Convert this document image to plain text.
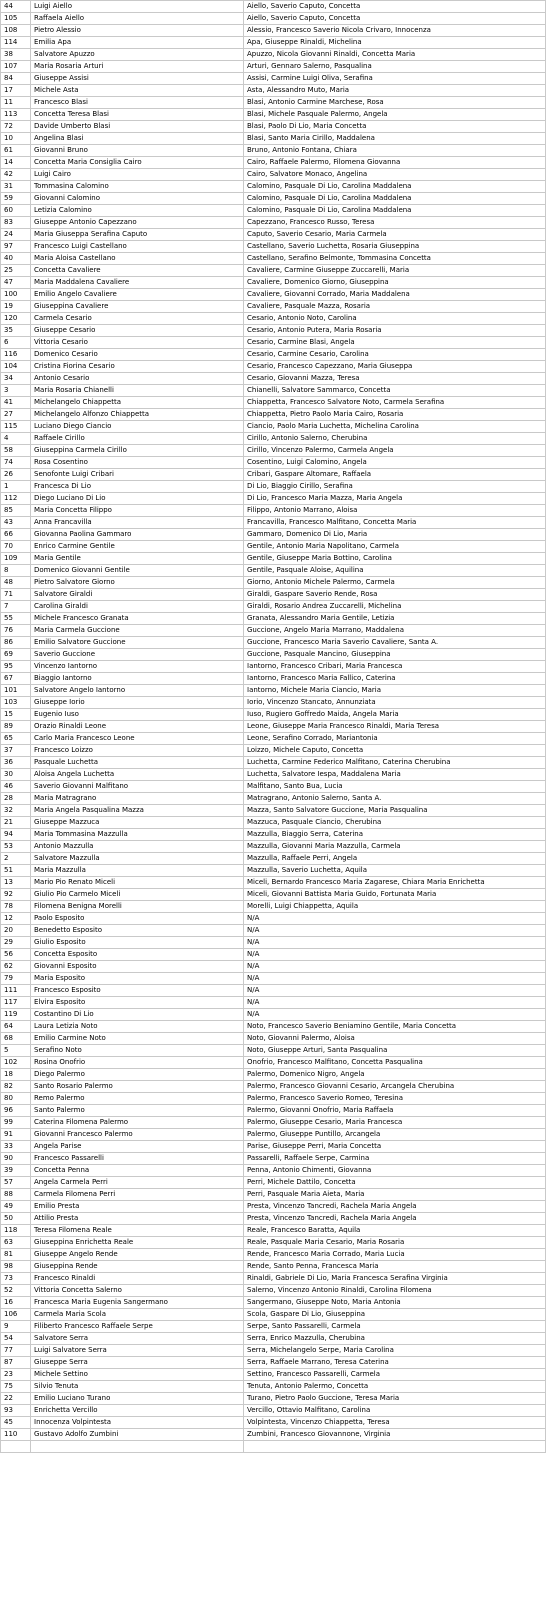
44	Luigi Aiello	Aiello, Saverio Caputo, Concetta
105	Raffaela Aiello	Aiello, Saverio Caputo, Concetta
108	Pietro Alessio	Alessio, Francesco Saverio Nicola Crivaro, Innocenza
114	Emilia Apa	Apa, Giuseppe Rinaldi, Michelina
38	Salvatore Apuzzo	Apuzzo, Nicola Giovanni Rinaldi, Concetta Maria
107	Maria Rosaria Arturi	Arturi, Gennaro Salerno, Pasqualina
84	Giuseppe Assisi	Assisi, Carmine Luigi Oliva, Serafina
17	Michele Asta	Asta, Alessandro Muto, Maria
11	Francesco Blasi	Blasi, Antonio Carmine Marchese, Rosa
113	Concetta Teresa Blasi	Blasi, Michele Pasquale Palermo, Angela
72	Davide Umberto Blasi	Blasi, Paolo Di Lio, Maria Concetta
10	Angelina Blasi	Blasi, Santo Maria Cirillo, Maddalena
61	Giovanni Bruno	Bruno, Antonio Fontana, Chiara
14	Concetta Maria Consiglia Cairo	Cairo, Raffaele Palermo, Filomena Giovanna
42	Luigi Cairo	Cairo, Salvatore Monaco, Angelina
31	Tommasina Calomino	Calomino, Pasquale Di Lio, Carolina Maddalena
59	Giovanni Calomino	Calomino, Pasquale Di Lio, Carolina Maddalena
60	Letizia Calomino	Calomino, Pasquale Di Lio, Carolina Maddalena
83	Giuseppe Antonio Capezzano	Capezzano, Francesco Russo, Teresa
24	Maria Giuseppa Serafina Caputo	Caputo, Saverio Cesario, Maria Carmela
97	Francesco Luigi Castellano	Castellano, Saverio Luchetta, Rosaria Giuseppina
40	Maria Aloisa Castellano	Castellano, Serafino Belmonte, Tommasina Concetta
25	Concetta Cavaliere	Cavaliere, Carmine Giuseppe Zuccarelli, Maria
47	Maria Maddalena Cavaliere	Cavaliere, Domenico Giorno, Giuseppina
100	Emilio Angelo Cavaliere	Cavaliere, Giovanni Corrado, Maria Maddalena
19	Giuseppina Cavaliere	Cavaliere, Pasquale Mazza, Rosaria
120	Carmela Cesario	Cesario, Antonio Noto, Carolina
35	Giuseppe Cesario	Cesario, Antonio Putera, Maria Rosaria
6	Vittoria Cesario	Cesario, Carmine Blasi, Angela
116	Domenico Cesario	Cesario, Carmine Cesario, Carolina
104	Cristina Fiorina Cesario	Cesario, Francesco Capezzano, Maria Giuseppa
34	Antonio Cesario	Cesario, Giovanni Mazza, Teresa
3	Maria Rosaria Chianelli	Chianelli, Salvatore Sammarco, Concetta
41	Michelangelo Chiappetta	Chiappetta, Francesco Salvatore Noto, Carmela Serafina
27	Michelangelo Alfonzo Chiappetta	Chiappetta, Pietro Paolo Maria Cairo, Rosaria
115	Luciano Diego Ciancio	Ciancio, Paolo Maria Luchetta, Michelina Carolina
4	Raffaele Cirillo	Cirillo, Antonio Salerno, Cherubina
58	Giuseppina Carmela Cirillo	Cirillo, Vincenzo Palermo, Carmela Angela
74	Rosa Cosentino	Cosentino, Luigi Calomino, Angela
26	Senofonte Luigi Cribari	Cribari, Gaspare Altomare, Raffaela
1	Francesca Di Lio	Di Lio, Biaggio Cirillo, Serafina
112	Diego Luciano Di Lio	Di Lio, Francesco Maria Mazza, Maria Angela
85	Maria Concetta Filippo	Filippo, Antonio Marrano, Aloisa
43	Anna Francavilla	Francavilla, Francesco Malfitano, Concetta Maria
66	Giovanna Paolina Gammaro	Gammaro, Domenico Di Lio, Maria
70	Enrico Carmine Gentile	Gentile, Antonio Maria Napolitano, Carmela
109	Maria Gentile	Gentile, Giuseppe Maria Bottino, Carolina
8	Domenico Giovanni Gentile	Gentile, Pasquale Aloise, Aquilina
48	Pietro Salvatore Giorno	Giorno, Antonio Michele Palermo, Carmela
71	Salvatore Giraldi	Giraldi, Gaspare Saverio Rende, Rosa
7	Carolina Giraldi	Giraldi, Rosario Andrea Zuccarelli, Michelina
55	Michele Francesco Granata	Granata, Alessandro Maria Gentile, Letizia
76	Maria Carmela Guccione	Guccione, Angelo Maria Marrano, Maddalena
86	Emilio Salvatore Guccione	Guccione, Francesco Maria Saverio Cavaliere, Santa A.
69	Saverio Guccione	Guccione, Pasquale Mancino, Giuseppina
95	Vincenzo Iantorno	Iantorno, Francesco Cribari, Maria Francesca
67	Biaggio Iantorno	Iantorno, Francesco Maria Fallico, Caterina
101	Salvatore Angelo Iantorno	Iantorno, Michele Maria Ciancio, Maria
103	Giuseppe Iorio	Iorio, Vincenzo Stancato, Annunziata
15	Eugenio Iuso	Iuso, Rugiero Goffredo Maida, Angela Maria
89	Orazio Rinaldi Leone	Leone, Giuseppe Maria Francesco Rinaldi, Maria Teresa
65	Carlo Maria Francesco Leone	Leone, Serafino Corrado, Mariantonia
37	Francesco Loizzo	Loizzo, Michele Caputo, Concetta
36	Pasquale Luchetta	Luchetta, Carmine Federico Malfitano, Caterina Cherubina
30	Aloisa Angela Luchetta	Luchetta, Salvatore Iespa, Maddalena Maria
46	Saverio Giovanni Malfitano	Malfitano, Santo Bua, Lucia
28	Maria Matragrano	Matragrano, Antonio Salerno, Santa A.
32	Maria Angela Pasqualina Mazza	Mazza, Santo Salvatore Guccione, Maria Pasqualina
21	Giuseppe Mazzuca	Mazzuca, Pasquale Ciancio, Cherubina
94	Maria Tommasina Mazzulla	Mazzulla, Biaggio Serra, Caterina
53	Antonio Mazzulla	Mazzulla, Giovanni Maria Mazzulla, Carmela
2	Salvatore Mazzulla	Mazzulla, Raffaele Perri, Angela
51	Maria Mazzulla	Mazzulla, Saverio Luchetta, Aquila
13	Mario Pio Renato Miceli	Miceli, Bernardo Francesco Maria Zagarese, Chiara Maria Enrichetta
92	Giulio Pio Carmelo Miceli	Miceli, Giovanni Battista Maria Guido, Fortunata Maria
78	Filomena Benigna Morelli	Morelli, Luigi Chiappetta, Aquila
12	Paolo Esposito	N/A
20	Benedetto Esposito	N/A
29	Giulio Esposito	N/A
56	Concetta Esposito	N/A
62	Giovanni Esposito	N/A
79	Maria Esposito	N/A
111	Francesco Esposito	N/A
117	Elvira Esposito	N/A
119	Costantino Di Lio	N/A
64	Laura Letizia Noto	Noto, Francesco Saverio Beniamino Gentile, Maria Concetta
68	Emilio Carmine Noto	Noto, Giovanni Palermo, Aloisa
5	Serafino Noto	Noto, Giuseppe Arturi, Santa Pasqualina
102	Rosina Onofrio	Onofrio, Francesco Malfitano, Concetta Pasqualina
18	Diego Palermo	Palermo, Domenico Nigro, Angela
82	Santo Rosario Palermo	Palermo, Francesco Giovanni Cesario, Arcangela Cherubina
80	Remo Palermo	Palermo, Francesco Saverio Romeo, Teresina
96	Santo Palermo	Palermo, Giovanni Onofrio, Maria Raffaela
99	Caterina Filomena Palermo	Palermo, Giuseppe Cesario, Maria Francesca
91	Giovanni Francesco Palermo	Palermo, Giuseppe Puntillo, Arcangela
33	Angela Parise	Parise, Giuseppe Perri, Maria Concetta
90	Francesco Passarelli	Passarelli, Raffaele Serpe, Carmina
39	Concetta Penna	Penna, Antonio Chimenti, Giovanna
57	Angela Carmela Perri	Perri, Michele Dattilo, Concetta
88	Carmela Filomena Perri	Perri, Pasquale Maria Aieta, Maria
49	Emilio Presta	Presta, Vincenzo Tancredi, Rachela Maria Angela
50	Attilio Presta	Presta, Vincenzo Tancredi, Rachela Maria Angela
118	Teresa Filomena Reale	Reale, Francesco Baratta, Aquila
63	Giuseppina Enrichetta Reale	Reale, Pasquale Maria Cesario, Maria Rosaria
81	Giuseppe Angelo Rende	Rende, Francesco Maria Corrado, Maria Lucia
98	Giuseppina Rende	Rende, Santo Penna, Francesca Maria
73	Francesco Rinaldi	Rinaldi, Gabriele Di Lio, Maria Francesca Serafina Virginia
52	Vittoria Concetta Salerno	Salerno, Vincenzo Antonio Rinaldi, Carolina Filomena
16	Francesca Maria Eugenia Sangermano	Sangermano, Giuseppe Noto, Maria Antonia
106	Carmela Maria Scola	Scola, Gaspare Di Lio, Giuseppina
9	Filiberto Francesco Raffaele Serpe	Serpe, Santo Passarelli, Carmela
54	Salvatore Serra	Serra, Enrico Mazzulla, Cherubina
77	Luigi Salvatore Serra	Serra, Michelangelo Serpe, Maria Carolina
87	Giuseppe Serra	Serra, Raffaele Marrano, Teresa Caterina
23	Michele Settino	Settino, Francesco Passarelli, Carmela
75	Silvio Tenuta	Tenuta, Antonio Palermo, Concetta
22	Emilio Luciano Turano	Turano, Pietro Paolo Guccione, Teresa Maria
93	Enrichetta Vercillo	Vercillo, Ottavio Malfitano, Carolina
45	Innocenza Volpintesta	Volpintesta, Vincenzo Chiappetta, Teresa
110	Gustavo Adolfo Zumbini	Zumbini, Francesco Giovannone, Virginia
